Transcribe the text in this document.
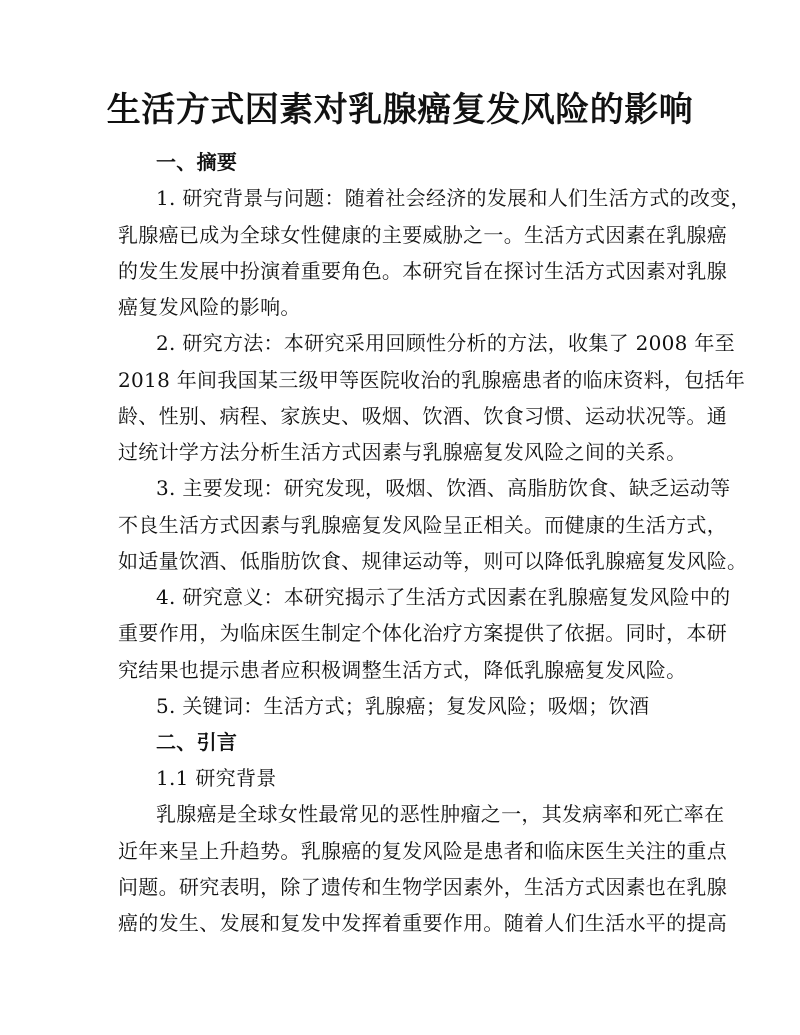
生活方式因素对乳腺癌复发风险的影响
一、摘要
1. 研究背景与问题：随着社会经济的发展和人们生活方式的改变，
乳腺癌已成为全球女性健康的主要威胁之一。生活方式因素在乳腺癌
的发生发展中扮演着重要角色。本研究旨在探讨生活方式因素对乳腺
癌复发风险的影响。
2. 研究方法：本研究采用回顾性分析的方法，收集了 2008 年至
2018 年间我国某三级甲等医院收治的乳腺癌患者的临床资料，包括年
龄、性别、病程、家族史、吸烟、饮酒、饮食习惯、运动状况等。通
过统计学方法分析生活方式因素与乳腺癌复发风险之间的关系。
3. 主要发现：研究发现，吸烟、饮酒、高脂肪饮食、缺乏运动等
不良生活方式因素与乳腺癌复发风险呈正相关。而健康的生活方式，
如适量饮酒、低脂肪饮食、规律运动等，则可以降低乳腺癌复发风险。
4. 研究意义：本研究揭示了生活方式因素在乳腺癌复发风险中的
重要作用，为临床医生制定个体化治疗方案提供了依据。同时，本研
究结果也提示患者应积极调整生活方式，降低乳腺癌复发风险。
5. 关键词：生活方式；乳腺癌；复发风险；吸烟；饮酒
二、引言
1.1 研究背景
乳腺癌是全球女性最常见的恶性肿瘤之一，其发病率和死亡率在
近年来呈上升趋势。乳腺癌的复发风险是患者和临床医生关注的重点
问题。研究表明，除了遗传和生物学因素外，生活方式因素也在乳腺
癌的发生、发展和复发中发挥着重要作用。随着人们生活水平的提高
